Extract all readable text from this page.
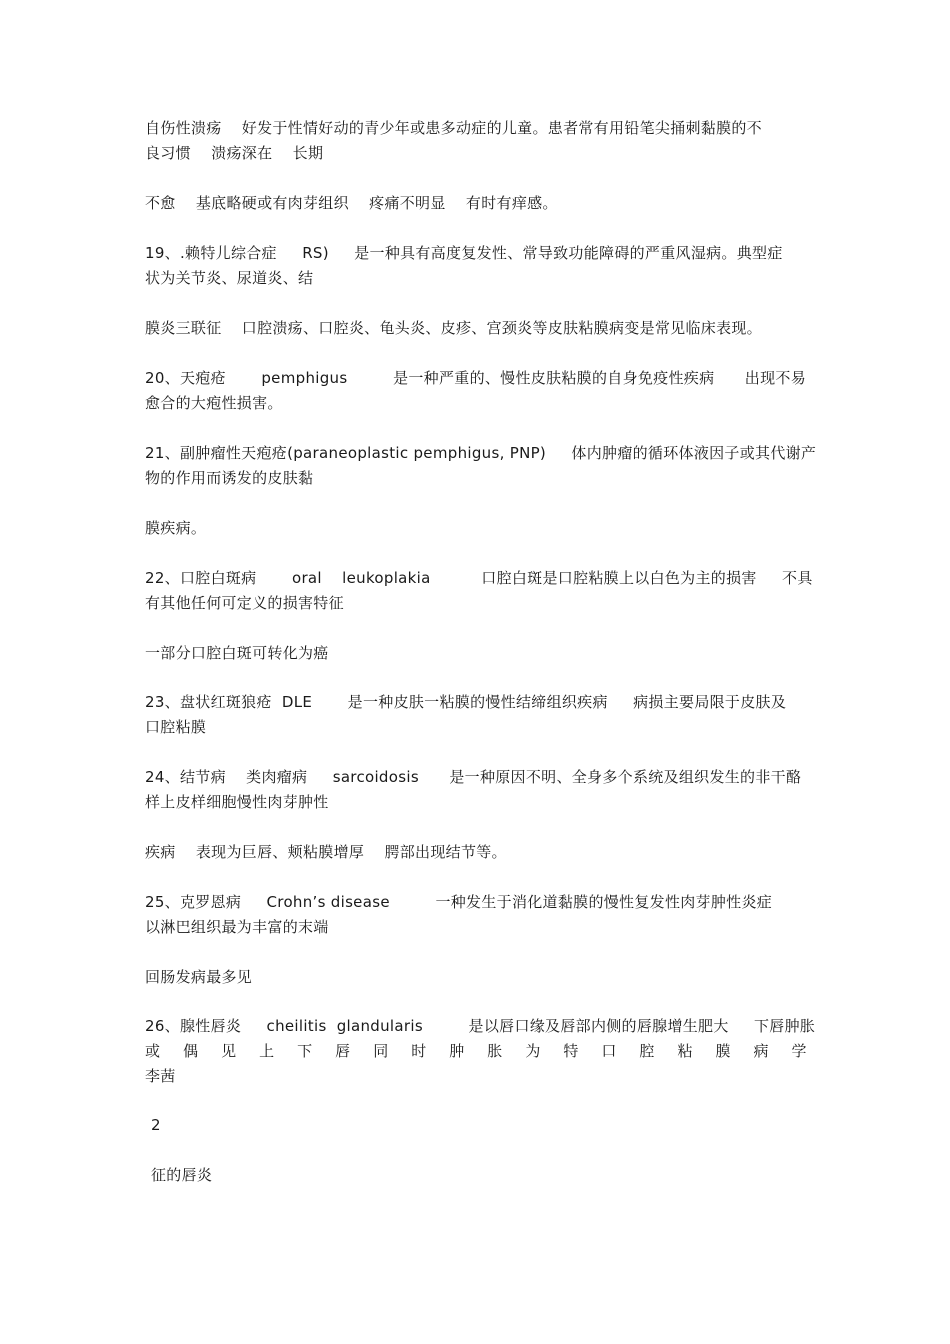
自伤性溃疡    好发于性情好动的青少年或患多动症的儿童。患者常有用铅笔尖捅刺黏膜的不
良习惯    溃疡深在    长期
不愈    基底略硬或有肉芽组织    疼痛不明显    有时有痒感。
19、.赖特儿综合症     RS)     是一种具有高度复发性、常导致功能障碍的严重风湿病。典型症
状为关节炎、尿道炎、结
膜炎三联征    口腔溃疡、口腔炎、龟头炎、皮疹、宫颈炎等皮肤粘膜病变是常见临床表现。
20、天疱疮       pemphigus         是一种严重的、慢性皮肤粘膜的自身免疫性疾病      出现不易
愈合的大疱性损害。
21、副肿瘤性天疱疮(paraneoplastic pemphigus, PNP)     体内肿瘤的循环体液因子或其代谢产
物的作用而诱发的皮肤黏
膜疾病。
22、口腔白斑病       oral    leukoplakia          口腔白斑是口腔粘膜上以白色为主的损害     不具
有其他任何可定义的损害特征
一部分口腔白斑可转化为癌
23、盘状红斑狼疮  DLE       是一种皮肤一粘膜的慢性结缔组织疾病     病损主要局限于皮肤及
口腔粘膜
24、结节病    类肉瘤病     sarcoidosis      是一种原因不明、全身多个系统及组织发生的非干酪
样上皮样细胞慢性肉芽肿性
疾病    表现为巨唇、颊粘膜增厚    腭部出现结节等。
25、克罗恩病     Crohn’s disease         一种发生于消化道黏膜的慢性复发性肉芽肿性炎症
以淋巴组织最为丰富的末端
回肠发病最多见
26、腺性唇炎     cheilitis  glandularis         是以唇口缘及唇部内侧的唇腺增生肥大     下唇肿胀
或 偶 见 上 下 唇 同 时 肿 胀 为 特 口 腔 粘 膜 病 学
李茜
2
征的唇炎
